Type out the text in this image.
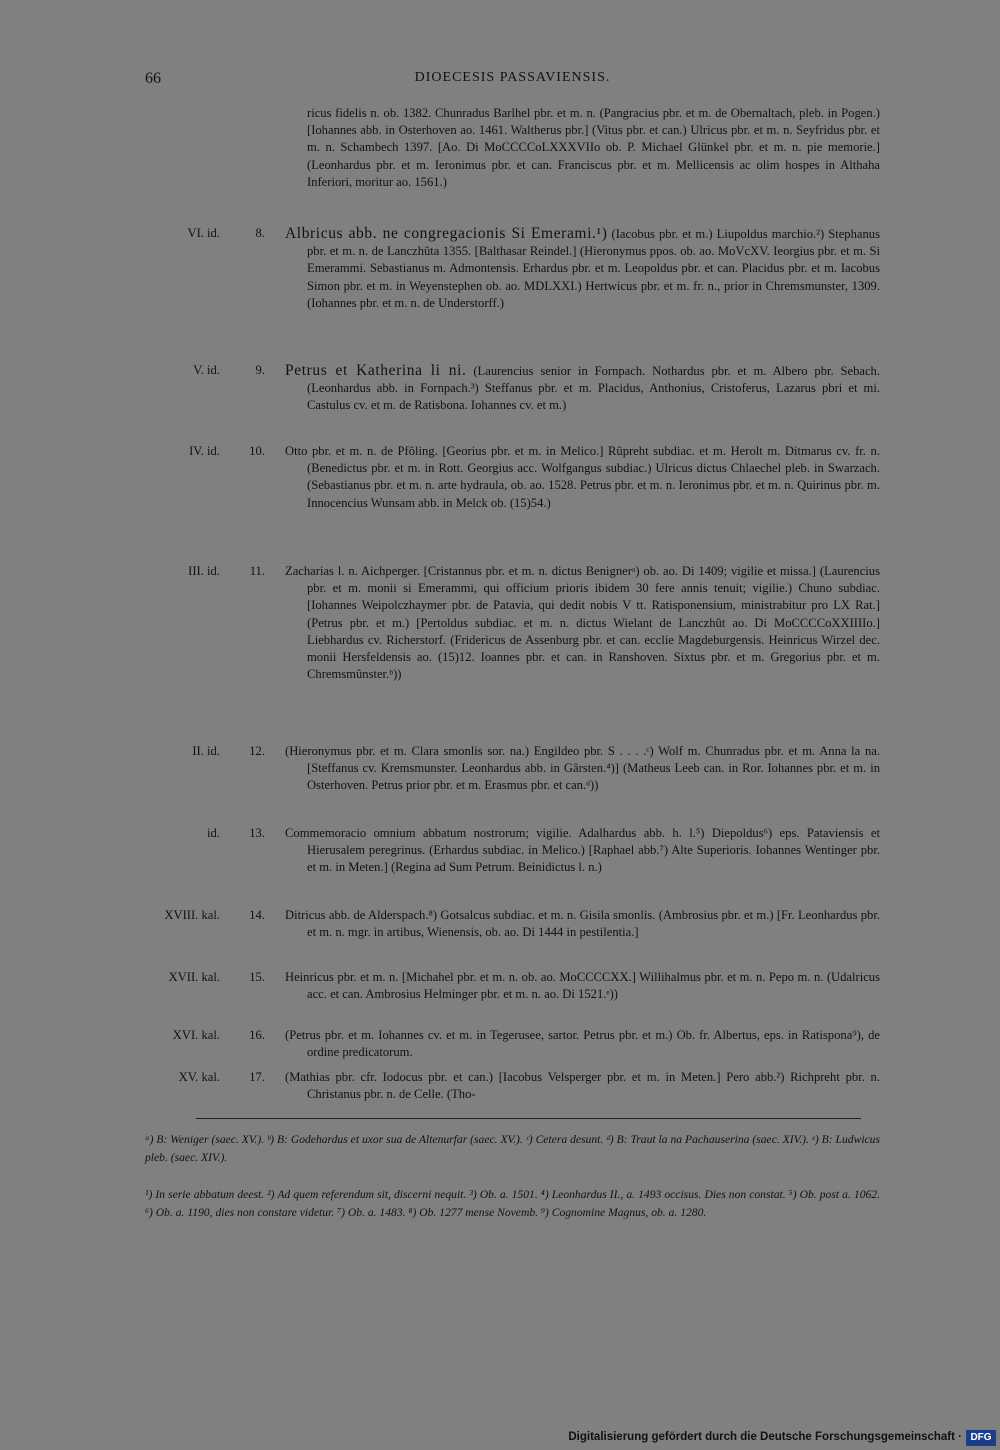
66	DIOECESIS PASSAVIENSIS.
ricus fidelis n. ob. 1382. Chunradus Barlhel pbr. et m. n. (Pangracius pbr. et m. de Obernaltach, pleb. in Pogen.) [Iohannes abb. in Osterhoven ao. 1461. Waltherus pbr.] (Vitus pbr. et can.) Ulricus pbr. et m. n. Seyfridus pbr. et m. n. Schambech 1397. [Ao. Di MoCCCCoLXXXVIIo ob. P. Michael Glünkel pbr. et m. n. pie memorie.] (Leonhardus pbr. et m. Ieronimus pbr. et can. Franciscus pbr. et m. Mellicensis ac olim hospes in Althaha Inferiori, moritur ao. 1561.)
VI. id.	8. Albricus abb. ne congregacionis Si Emerami.¹) (Iacobus pbr. et m.) Liupoldus marchio.²) Stephanus pbr. et m. n. de Lanczhûta 1355. [Balthasar Reindel.] (Hieronymus ppos. ob. ao. MoVcXV. Ieorgius pbr. et m. Si Emerammi. Sebastianus m. Admontensis. Erhardus pbr. et m. Leopoldus pbr. et can. Placidus pbr. et m. Iacobus Simon pbr. et m. in Weyenstephen ob. ao. MDLXXI.) Hertwicus pbr. et m. fr. n., prior in Chremsmunster, 1309. (Iohannes pbr. et m. n. de Understorff.)
V. id.	9. Petrus et Katherina li ni. (Laurencius senior in Fornpach. Nothardus pbr. et m. Albero pbr. Sebach. (Leonhardus abb. in Fornpach.³) Steffanus pbr. et m. Placidus, Anthonius, Cristoferus, Lazarus pbri et mi. Castulus cv. et m. de Ratisbona. Iohannes cv. et m.)
IV. id.	10. Otto pbr. et m. n. de Pfôling. [Georius pbr. et m. in Melico.] Rûpreht subdiac. et m. Herolt m. Ditmarus cv. fr. n. (Benedictus pbr. et m. in Rott. Georgius acc. Wolfgangus subdiac.) Ulricus dictus Chlaechel pleb. in Swarzach. (Sebastianus pbr. et m. n. arte hydraula, ob. ao. 1528. Petrus pbr. et m. n. Ieronimus pbr. et m. n. Quirinus pbr. m. Innocencius Wunsam abb. in Melck ob. (15)54.)
III. id.	11. Zacharias l. n. Aichperger. [Cristannus pbr. et m. n. dictus Benignerᵃ) ob. ao. Di 1409; vigilie et missa.] (Laurencius pbr. et m. monii si Emerammi, qui officium prioris ibidem 30 fere annis tenuit; vigilie.) Chuno subdiac. [Iohannes Weipolczhaymer pbr. de Patavia, qui dedit nobis V tt. Ratisponensium, ministrabitur pro LX Rat.] (Petrus pbr. et m.) [Pertoldus subdiac. et m. n. dictus Wielant de Lanczhût ao. Di MoCCCCoXXIIIIo.] Liebhardus cv. Richerstorf. (Fridericus de Assenburg pbr. et can. ecclie Magdeburgensis. Heinricus Wirzel dec. monii Hersfeldensis ao. (15)12. Ioannes pbr. et can. in Ranshoven. Sixtus pbr. et m. Gregorius pbr. et m. Chremsmûnster.ᵇ))
II. id.	12. (Hieronymus pbr. et m. Clara smonlis sor. na.) Engildeo pbr. S . . . .ᶜ) Wolf m. Chunradus pbr. et m. Anna la na. [Steffanus cv. Kremsmunster. Leonhardus abb. in Gârsten.⁴)] (Matheus Leeb can. in Ror. Iohannes pbr. et m. in Osterhoven. Petrus prior pbr. et m. Erasmus pbr. et can.ᵈ))
id.	13. Commemoracio omnium abbatum nostrorum; vigilie. Adalhardus abb. h. l.⁵) Diepoldus⁶) eps. Pataviensis et Hierusalem peregrinus. (Erhardus subdiac. in Melico.) [Raphael abb.⁷) Alte Superioris. Iohannes Wentinger pbr. et m. in Meten.] (Regina ad Sum Petrum. Beinidictus l. n.)
XVIII. kal.	14. Ditricus abb. de Alderspach.⁸) Gotsalcus subdiac. et m. n. Gisila smonlis. (Ambrosius pbr. et m.) [Fr. Leonhardus pbr. et m. n. mgr. in artibus, Wienensis, ob. ao. Di 1444 in pestilentia.]
XVII. kal.	15. Heinricus pbr. et m. n. [Michahel pbr. et m. n. ob. ao. MoCCCCXX.] Willihalmus pbr. et m. n. Pepo m. n. (Udalricus acc. et can. Ambrosius Helminger pbr. et m. n. ao. Di 1521.ᵉ))
XVI. kal.	16. (Petrus pbr. et m. Iohannes cv. et m. in Tegerusee, sartor. Petrus pbr. et m.) Ob. fr. Albertus, eps. in Ratispona⁹), de ordine predicatorum.
XV. kal.	17. (Mathias pbr. cfr. Iodocus pbr. et can.) [Iacobus Velsperger pbr. et m. in Meten.] Pero abb.²) Richpreht pbr. n. Christanus pbr. n. de Celle. (Tho-
ᵃ) B: Weniger (saec. XV.). ᵇ) B: Godehardus et uxor sua de Altenurfar (saec. XV.). ᶜ) Cetera desunt. ᵈ) B: Traut la na Pachauserina (saec. XIV.). ᵉ) B: Ludwicus pleb. (saec. XIV.).
¹) In serie abbatum deest. ²) Ad quem referendum sit, discerni nequit. ³) Ob. a. 1501. ⁴) Leonhardus II., a. 1493 occisus. Dies non constat. ⁵) Ob. post a. 1062. ⁶) Ob. a. 1190, dies non constare videtur. ⁷) Ob. a. 1483. ⁸) Ob. 1277 mense Novemb. ⁹) Cognomine Magnus, ob. a. 1280.
Digitalisierung gefördert durch die Deutsche Forschungsgemeinschaft · DFG
